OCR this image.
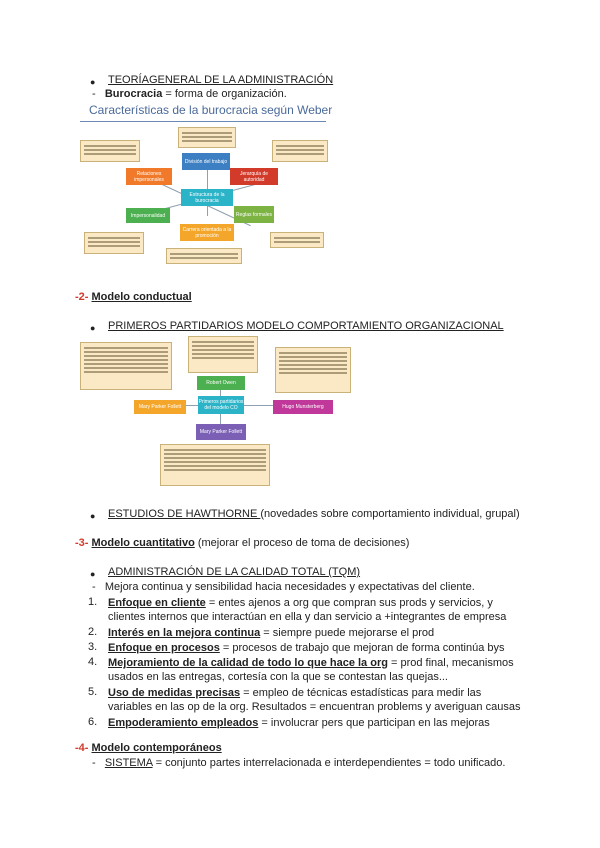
● TEORÍAGENERAL DE LA ADMINISTRACIÓN
-   Burocracia = forma de organización.
Características de la burocracia según Weber
División del trabajo
Relaciones impersonales
Jerarquía de autoridad
Estructura de la burocracia
Impersonalidad	Reglas formales
Carrera orientada a la promoción
-2- Modelo conductual
● PRIMEROS PARTIDARIOS MODELO COMPORTAMIENTO ORGANIZACIONAL
Robert Owen
Mary Parker Follett
Primeros partidarios del modelo CO	Hugo Munsterberg
Mary Parker Follett
● ESTUDIOS DE HAWTHORNE (novedades sobre comportamiento individual, grupal)
-3- Modelo cuantitativo (mejorar el proceso de toma de decisiones)
● ADMINISTRACIÓN DE LA CALIDAD TOTAL (TQM)
-   Mejora continua y sensibilidad hacia necesidades y expectativas del cliente.
1. Enfoque en cliente = entes ajenos a org que compran sus prods y servicios, y
clientes internos que interactúan en ella y dan servicio a +integrantes de empresa
2. Interés en la mejora continua = siempre puede mejorarse el prod
3. Enfoque en procesos = procesos de trabajo que mejoran de forma continúa bys
4. Mejoramiento de la calidad de todo lo que hace la org = prod final, mecanismos
usados en las entregas, cortesía con la que se contestan las quejas...
5. Uso de medidas precisas = empleo de técnicas estadísticas para medir las
variables en las op de la org. Resultados = encuentran problems y averiguan causas
6. Empoderamiento empleados = involucrar pers que participan en las mejoras
-4- Modelo contemporáneos
-   SISTEMA = conjunto partes interrelacionada e interdependientes = todo unificado.
